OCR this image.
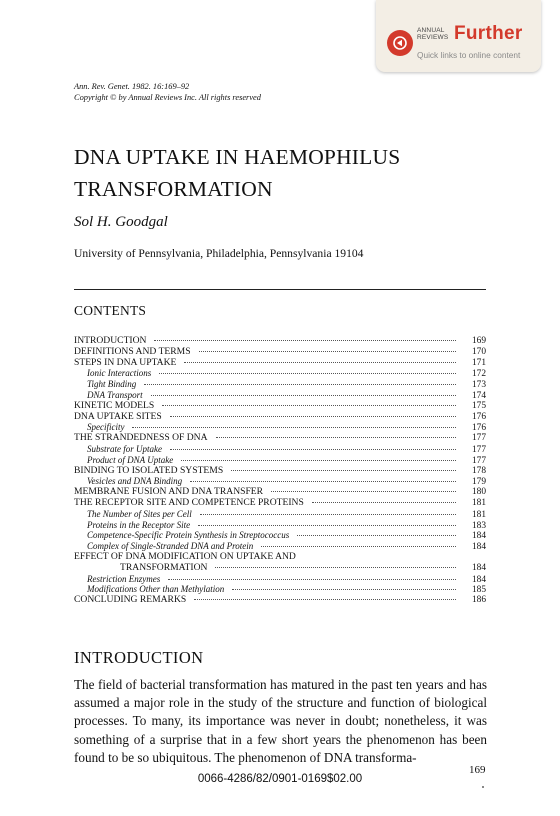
ANNUAL
REVIEWS Further
Quick links to online content
Ann. Rev. Genet. 1982. 16:169–92
Copyright © by Annual Reviews Inc. All rights reserved
DNA UPTAKE IN HAEMOPHILUS
TRANSFORMATION
Sol H. Goodgal
University of Pennsylvania, Philadelphia, Pennsylvania 19104
CONTENTS
INTRODUCTION	169
DEFINITIONS AND TERMS	170
STEPS IN DNA UPTAKE	171
Ionic Interactions	172
Tight Binding	173
DNA Transport	174
KINETIC MODELS	175
DNA UPTAKE SITES	176
Specificity	176
THE STRANDEDNESS OF DNA	177
Substrate for Uptake	177
Product of DNA Uptake	177
BINDING TO ISOLATED SYSTEMS	178
Vesicles and DNA Binding	179
MEMBRANE FUSION AND DNA TRANSFER	180
THE RECEPTOR SITE AND COMPETENCE PROTEINS	181
The Number of Sites per Cell	181
Proteins in the Receptor Site	183
Competence-Specific Protein Synthesis in Streptococcus	184
Complex of Single-Stranded DNA and Protein	184
EFFECT OF DNA MODIFICATION ON UPTAKE AND
TRANSFORMATION	184
Restriction Enzymes	184
Modifications Other than Methylation	185
CONCLUDING REMARKS	186
INTRODUCTION

The field of bacterial transformation has matured in the past ten years and has assumed a major role in the study of the structure and function of biological processes. To many, its importance was never in doubt; nonetheless, it was something of a surprise that in a few short years the phenomenon has been found to be so ubiquitous. The phenomenon of DNA transforma-

169
0066-4286/82/0901-0169$02.00
